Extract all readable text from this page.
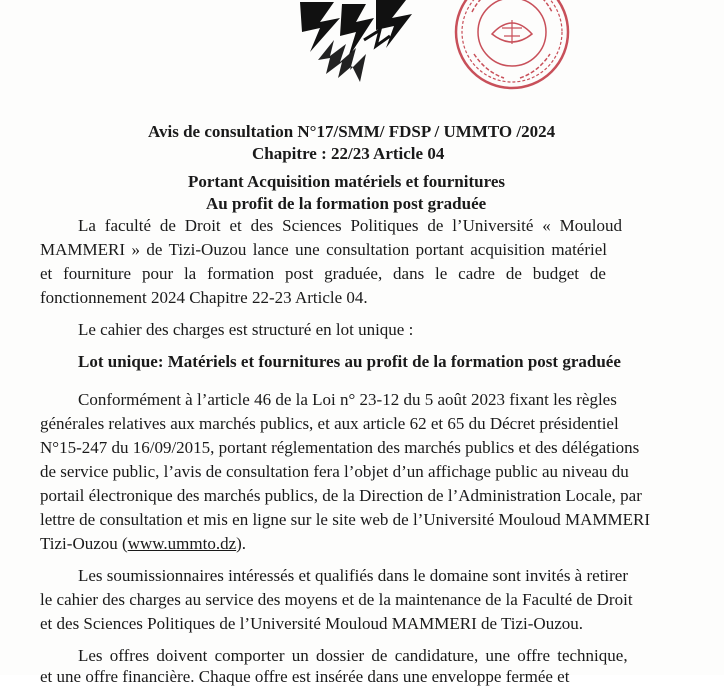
Avis de consultation N°17/SMM/ FDSP / UMMTO /2024

Chapitre : 22/23 Article 04

Portant Acquisition matériels et fournitures

Au profit de la formation post graduée

La faculté de Droit et des Sciences Politiques de l’Université « Mouloud

MAMMERI » de Tizi-Ouzou lance une consultation portant acquisition matériel

et fourniture pour la formation post graduée, dans le cadre de budget de

fonctionnement 2024 Chapitre 22-23 Article 04.

Le cahier des charges est structuré en lot unique :

Lot unique: Matériels et fournitures au profit de la formation post graduée

Conformément à l’article 46 de la Loi n° 23-12 du 5 août 2023 fixant les règles

générales relatives aux marchés publics, et aux article 62 et 65 du Décret présidentiel

N°15-247 du 16/09/2015, portant réglementation des marchés publics et des délégations

de service public, l’avis de consultation fera l’objet d’un affichage public au niveau du

portail électronique des marchés publics, de la Direction de l’Administration Locale, par

lettre de consultation et mis en ligne sur le site web de l’Université Mouloud MAMMERI

Tizi-Ouzou (www.ummto.dz).

Les soumissionnaires intéressés et qualifiés dans le domaine sont invités à retirer

le cahier des charges au service des moyens et de la maintenance de la Faculté de Droit

et des Sciences Politiques de l’Université Mouloud MAMMERI de Tizi-Ouzou.

Les offres doivent comporter un dossier de candidature, une offre technique,

et une offre financière. Chaque offre est insérée dans une enveloppe fermée et
